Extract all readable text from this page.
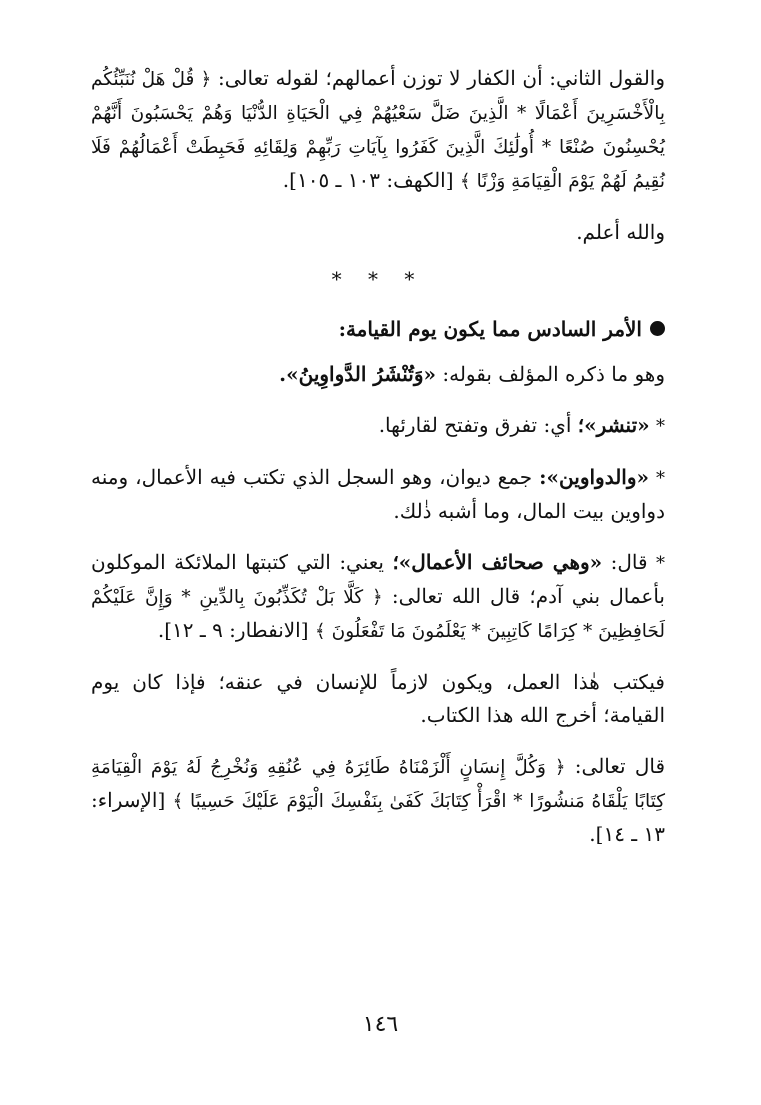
والقول الثاني: أن الكفار لا توزن أعمالهم؛ لقوله تعالى: ﴿ قُلْ هَلْ نُنَبِّئُكُم بِالْأَخْسَرِينَ أَعْمَالًا * الَّذِينَ ضَلَّ سَعْيُهُمْ فِي الْحَيَاةِ الدُّنْيَا وَهُمْ يَحْسَبُونَ أَنَّهُمْ يُحْسِنُونَ صُنْعًا * أُولَٰئِكَ الَّذِينَ كَفَرُوا بِآيَاتِ رَبِّهِمْ وَلِقَائِهِ فَحَبِطَتْ أَعْمَالُهُمْ فَلَا نُقِيمُ لَهُمْ يَوْمَ الْقِيَامَةِ وَزْنًا ﴾ [الكهف: ١٠٣ ـ ١٠٥].

والله أعلم.

* * *

الأمر السادس مما يكون يوم القيامة:

وهو ما ذكره المؤلف بقوله: «وَتُنْشَرُ الدَّواوِينُ».

* «تنشر»؛ أي: تفرق وتفتح لقارئها.

* «والدواوين»: جمع ديوان، وهو السجل الذي تكتب فيه الأعمال، ومنه دواوين بيت المال، وما أشبه ذٰلك.

* قال: «وهي صحائف الأعمال»؛ يعني: التي كتبتها الملائكة الموكلون بأعمال بني آدم؛ قال الله تعالى: ﴿ كَلَّا بَلْ تُكَذِّبُونَ بِالدِّينِ * وَإِنَّ عَلَيْكُمْ لَحَافِظِينَ * كِرَامًا كَاتِبِينَ * يَعْلَمُونَ مَا تَفْعَلُونَ ﴾ [الانفطار: ٩ ـ ١٢].

فيكتب هٰذا العمل، ويكون لازماً للإنسان في عنقه؛ فإذا كان يوم القيامة؛ أخرج الله هذا الكتاب.

قال تعالى: ﴿ وَكُلَّ إِنسَانٍ أَلْزَمْنَاهُ طَائِرَهُ فِي عُنُقِهِ وَنُخْرِجُ لَهُ يَوْمَ الْقِيَامَةِ كِتَابًا يَلْقَاهُ مَنشُورًا * اقْرَأْ كِتَابَكَ كَفَىٰ بِنَفْسِكَ الْيَوْمَ عَلَيْكَ حَسِيبًا ﴾ [الإسراء: ١٣ ـ ١٤].

١٤٦
